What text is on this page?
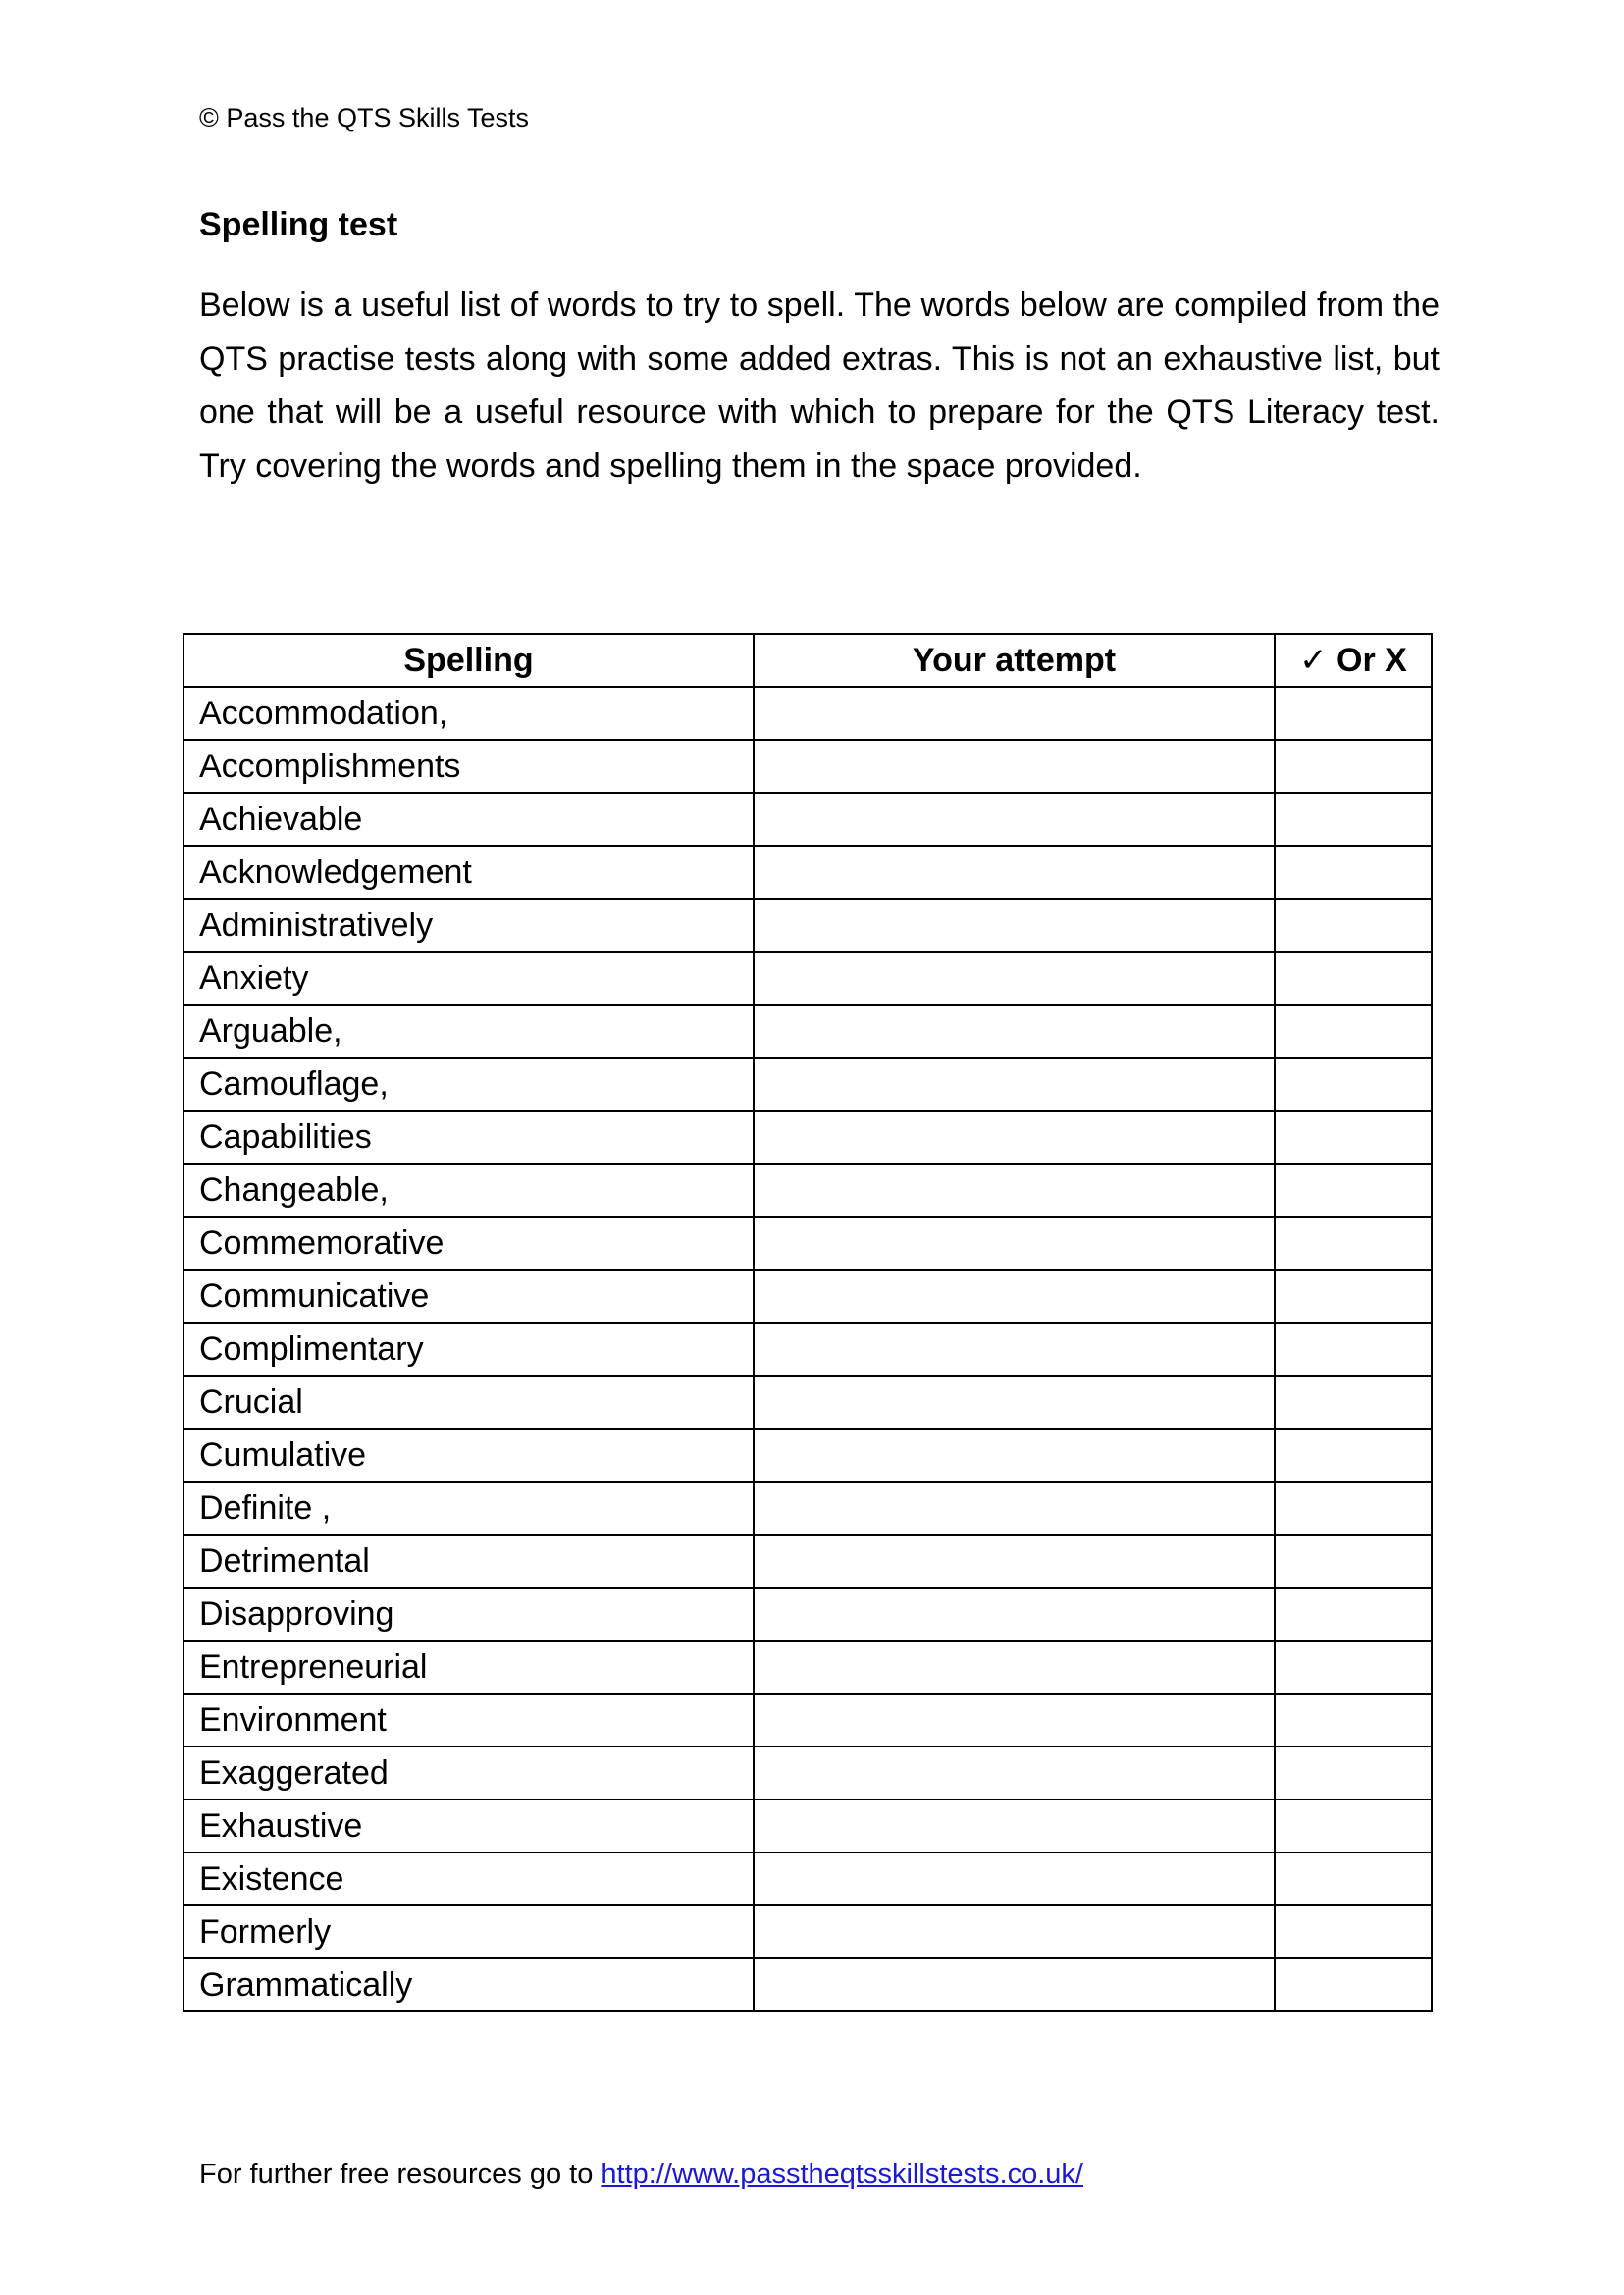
© Pass the QTS Skills Tests
Spelling test

Below is a useful list of words to try to spell. The words below are compiled from the QTS practise tests along with some added extras. This is not an exhaustive list, but one that will be a useful resource with which to prepare for the QTS Literacy test. Try covering the words and spelling them in the space provided.

Spelling	Your attempt	✓ Or X
Accommodation,		
Accomplishments		
Achievable		
Acknowledgement		
Administratively		
Anxiety		
Arguable,		
Camouflage,		
Capabilities		
Changeable,		
Commemorative		
Communicative		
Complimentary		
Crucial		
Cumulative		
Definite ,		
Detrimental		
Disapproving		
Entrepreneurial		
Environment		
Exaggerated		
Exhaustive		
Existence		
Formerly		
Grammatically		
For further free resources go to http://www.passtheqtsskillstests.co.uk/
